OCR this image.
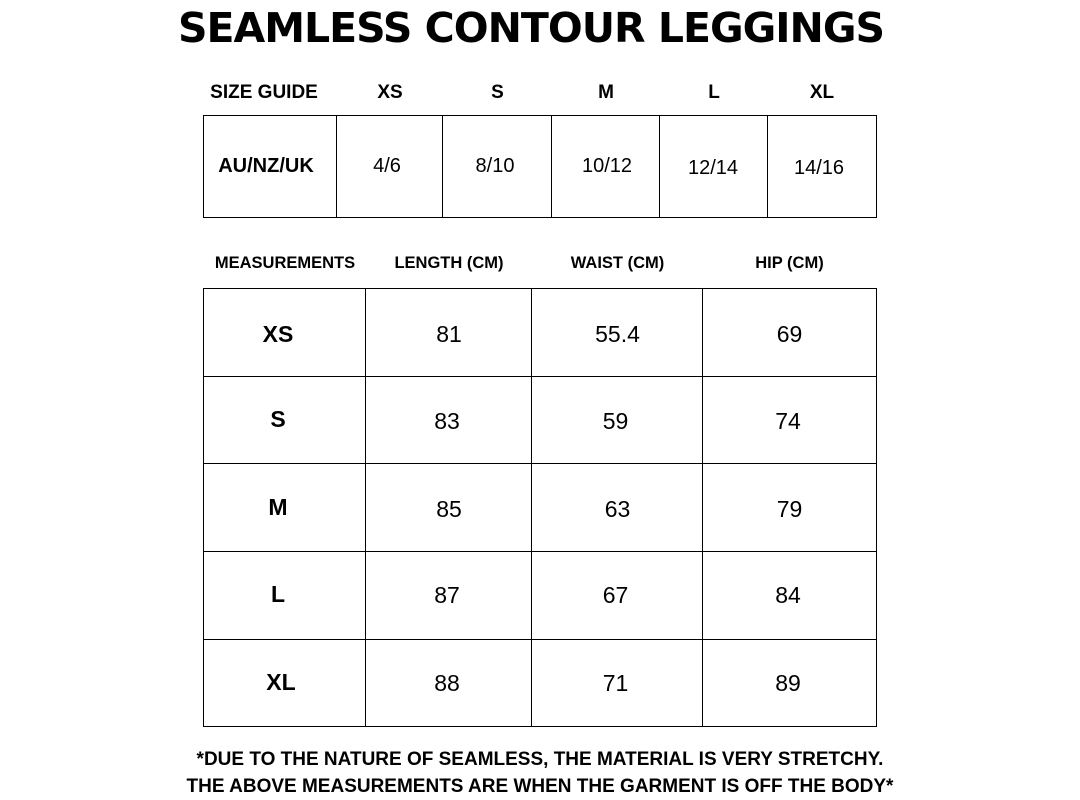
SEAMLESS CONTOUR LEGGINGS
SIZE GUIDE	XS	S	M	L	XL
AU/NZ/UK	4/6	8/10	10/12	12/14	14/16
MEASUREMENTS	LENGTH (CM)	WAIST (CM)	HIP (CM)
XS	81	55.4	69
S	83	59	74
M	85	63	79
L	87	67	84
XL	88	71	89
*DUE TO THE NATURE OF SEAMLESS, THE MATERIAL IS VERY STRETCHY.
THE ABOVE MEASUREMENTS ARE WHEN THE GARMENT IS OFF THE BODY*
